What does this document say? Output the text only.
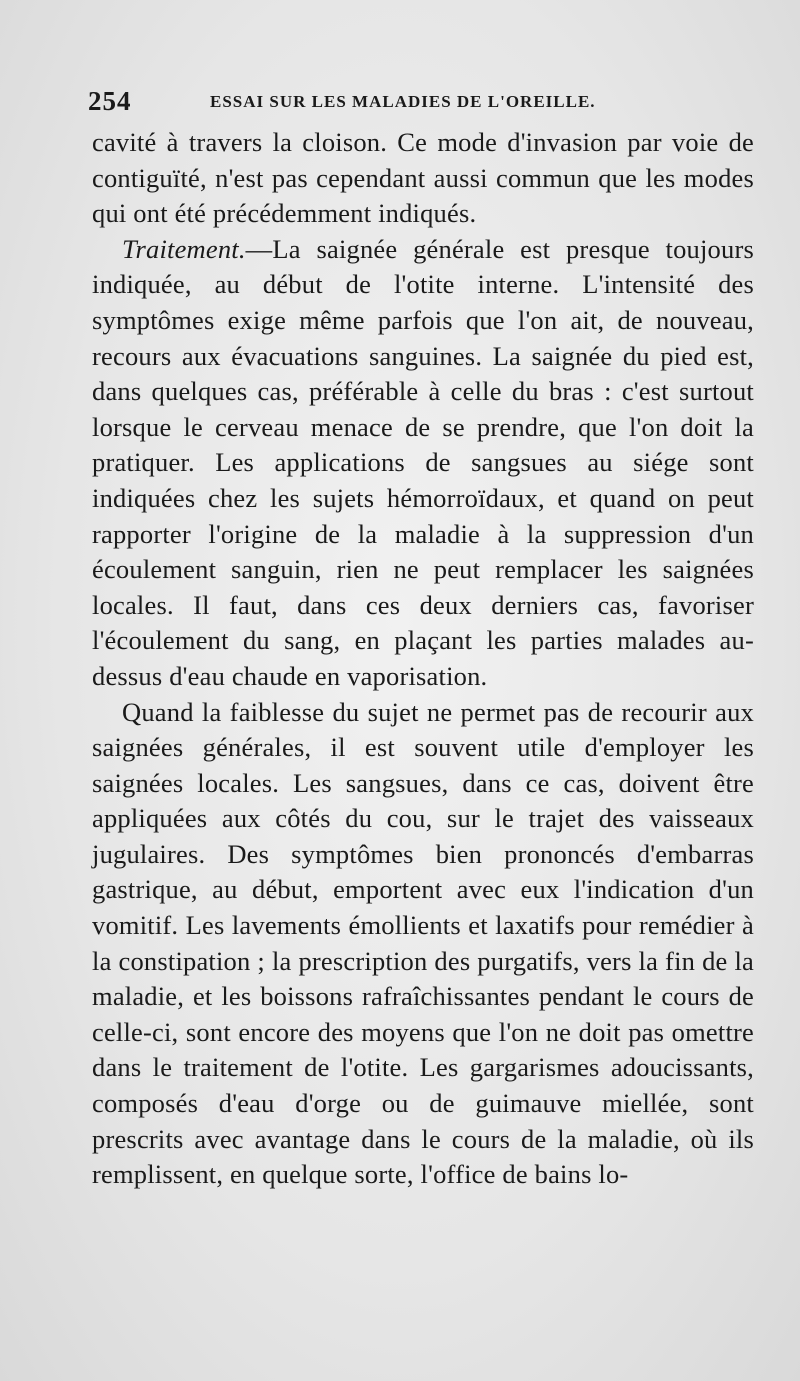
254	ESSAI SUR LES MALADIES DE L'OREILLE.

cavité à travers la cloison. Ce mode d'invasion par voie de contiguïté, n'est pas cependant aussi commun que les modes qui ont été précédemment indiqués.

Traitement.—La saignée générale est presque toujours indiquée, au début de l'otite interne. L'intensité des symptômes exige même parfois que l'on ait, de nouveau, recours aux évacuations sanguines. La saignée du pied est, dans quelques cas, préférable à celle du bras : c'est surtout lorsque le cerveau menace de se prendre, que l'on doit la pratiquer. Les applications de sangsues au siége sont indiquées chez les sujets hémorroïdaux, et quand on peut rapporter l'origine de la maladie à la suppression d'un écoulement sanguin, rien ne peut remplacer les saignées locales. Il faut, dans ces deux derniers cas, favoriser l'écoulement du sang, en plaçant les parties malades au-dessus d'eau chaude en vaporisation.

Quand la faiblesse du sujet ne permet pas de recourir aux saignées générales, il est souvent utile d'employer les saignées locales. Les sangsues, dans ce cas, doivent être appliquées aux côtés du cou, sur le trajet des vaisseaux jugulaires. Des symptômes bien prononcés d'embarras gastrique, au début, emportent avec eux l'indication d'un vomitif. Les lavements émollients et laxatifs pour remédier à la constipation ; la prescription des purgatifs, vers la fin de la maladie, et les boissons rafraîchissantes pendant le cours de celle-ci, sont encore des moyens que l'on ne doit pas omettre dans le traitement de l'otite. Les gargarismes adoucissants, composés d'eau d'orge ou de guimauve miellée, sont prescrits avec avantage dans le cours de la maladie, où ils remplissent, en quelque sorte, l'office de bains lo-
